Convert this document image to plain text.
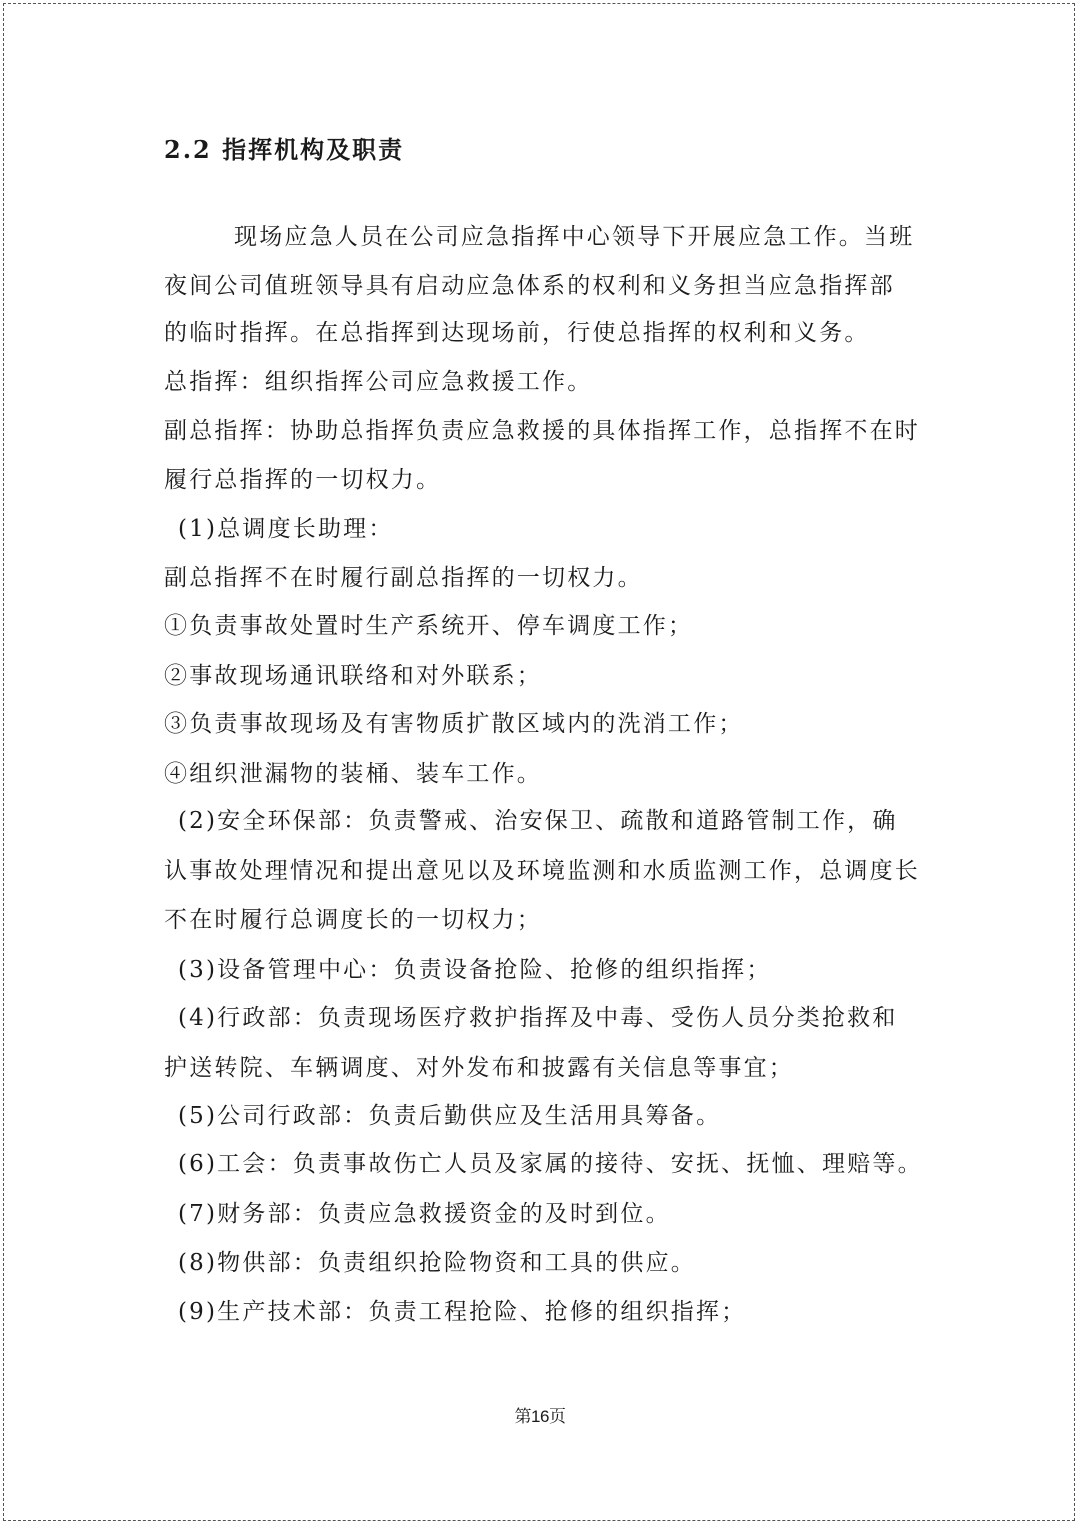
2.2 指挥机构及职责
现场应急人员在公司应急指挥中心领导下开展应急工作。当班
夜间公司值班领导具有启动应急体系的权利和义务担当应急指挥部
的临时指挥。在总指挥到达现场前，行使总指挥的权利和义务。
总指挥：组织指挥公司应急救援工作。
副总指挥：协助总指挥负责应急救援的具体指挥工作，总指挥不在时
履行总指挥的一切权力。
(1)总调度长助理：
副总指挥不在时履行副总指挥的一切权力。
①负责事故处置时生产系统开、停车调度工作；
②事故现场通讯联络和对外联系；
③负责事故现场及有害物质扩散区域内的洗消工作；
④组织泄漏物的装桶、装车工作。
(2)安全环保部：负责警戒、治安保卫、疏散和道路管制工作，确
认事故处理情况和提出意见以及环境监测和水质监测工作，总调度长
不在时履行总调度长的一切权力；
(3)设备管理中心：负责设备抢险、抢修的组织指挥；
(4)行政部：负责现场医疗救护指挥及中毒、受伤人员分类抢救和
护送转院、车辆调度、对外发布和披露有关信息等事宜；
(5)公司行政部：负责后勤供应及生活用具筹备。
(6)工会：负责事故伤亡人员及家属的接待、安抚、抚恤、理赔等。
(7)财务部：负责应急救援资金的及时到位。
(8)物供部：负责组织抢险物资和工具的供应。
(9)生产技术部：负责工程抢险、抢修的组织指挥；
第16页
